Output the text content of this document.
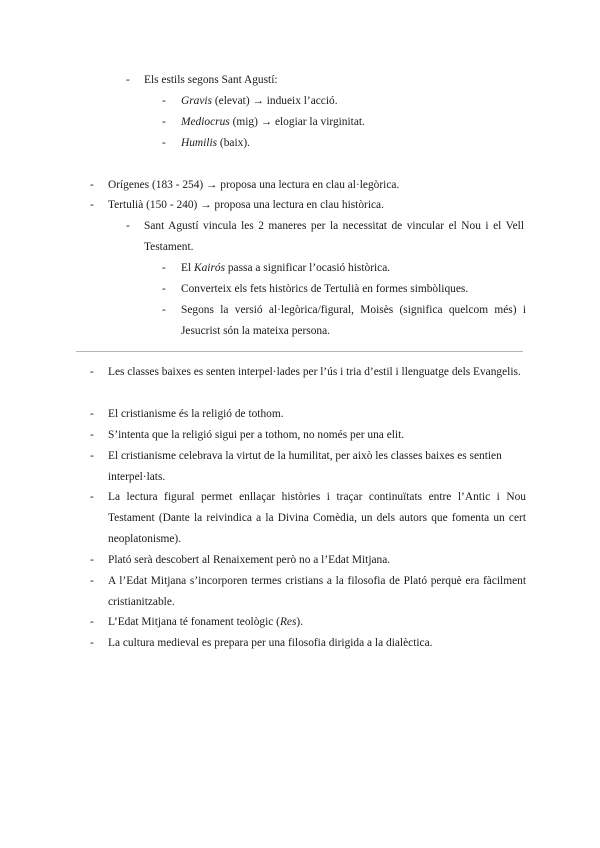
- Els estils segons Sant Agustí:
- Gravis (elevat) → indueix l’acció.
- Mediocrus (mig) → elogiar la virginitat.
- Humilis (baix).
- Orígenes (183 - 254) → proposa una lectura en clau al·legòrica.
- Tertulià (150 - 240) → proposa una lectura en clau històrica.
- Sant Agustí vincula les 2 maneres per la necessitat de vincular el Nou i el Vell Testament.
- El Kairós passa a significar l’ocasió històrica.
- Converteix els fets històrics de Tertulià en formes simbòliques.
- Segons la versió al·legòrica/figural, Moisès (significa quelcom més) i Jesucrist són la mateixa persona.
- Les classes baixes es senten interpel·lades per l’ús i tria d’estil i llenguatge dels Evangelis.
- El cristianisme és la religió de tothom.
- S’intenta que la religió sigui per a tothom, no només per una elit.
- El cristianisme celebrava la virtut de la humilitat, per això les classes baixes es sentien interpel·lats.
- La lectura figural permet enllaçar històries i traçar continuïtats entre l’Antic i Nou Testament (Dante la reivindica a la Divina Comèdia, un dels autors que fomenta un cert neoplatonisme).
- Plató serà descobert al Renaixement però no a l’Edat Mitjana.
- A l’Edat Mitjana s’incorporen termes cristians a la filosofia de Plató perquè era fàcilment cristianitzable.
- L’Edat Mitjana té fonament teològic (Res).
- La cultura medieval es prepara per una filosofia dirigida a la dialèctica.
